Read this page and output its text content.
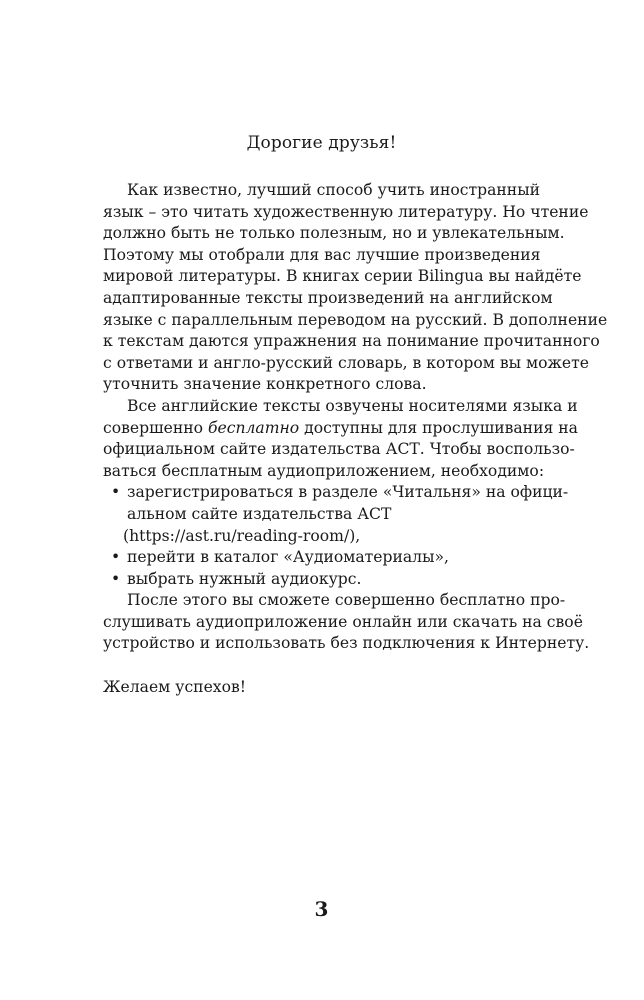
Дорогие друзья!
Как известно, лучший способ учить иностранный
язык – это читать художественную литературу. Но чтение
должно быть не только полезным, но и увлекательным.
Поэтому мы отобрали для вас лучшие произведения
мировой литературы. В книгах серии Bilingua вы найдёте
адаптированные тексты произведений на английском
языке с параллельным переводом на русский. В дополнение
к текстам даются упражнения на понимание прочитанного
с ответами и англо-русский словарь, в котором вы можете
уточнить значение конкретного слова.
Все английские тексты озвучены носителями языка и
совершенно бесплатно доступны для прослушивания на
официальном сайте издательства АСТ. Чтобы воспользо-
ваться бесплатным аудиоприложением, необходимо:
• зарегистрироваться в разделе «Читальня» на офици-
альном сайте издательства АСТ
(https://ast.ru/reading-room/),
• перейти в каталог «Аудиоматериалы»,
• выбрать нужный аудиокурс.
После этого вы сможете совершенно бесплатно про-
слушивать аудиоприложение онлайн или скачать на своё
устройство и использовать без подключения к Интернету.
Желаем успехов!
3
